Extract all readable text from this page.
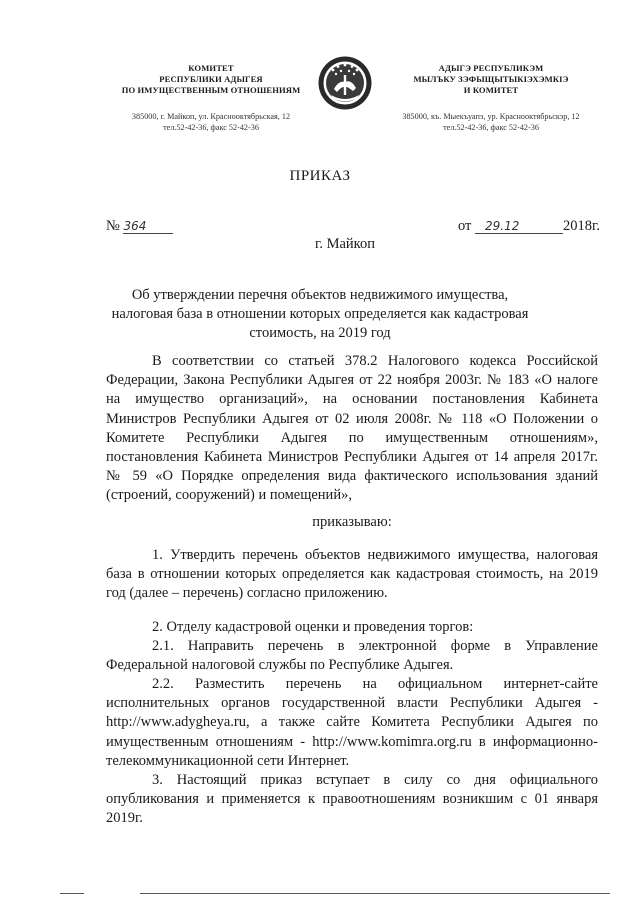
КОМИТЕТ
РЕСПУБЛИКИ АДЫГЕЯ
ПО ИМУЩЕСТВЕННЫМ ОТНОШЕНИЯМ
385000, г. Майкоп, ул. Краснооктябрьская, 12
тел.52-42-36, факс 52-42-36
АДЫГЭ РЕСПУБЛИКЭМ
МЫЛЪКУ ЗЭФЫЩЫТЫКІЭХЭМКІЭ
И КОМИТЕТ
385000, къ. Мыекъуапэ, ур. Краснооктябрьскэр, 12
тел.52-42-36, факс 52-42-36
ПРИКАЗ
№ 364	от 29.12	2018г.
г. Майкоп
Об утверждении перечня объектов недвижимого имущества, налоговая база в отношении которых определяется как кадастровая стоимость, на 2019 год
В соответствии со статьей 378.2 Налогового кодекса Российской Федерации, Закона Республики Адыгея от 22 ноября 2003г. № 183 «О налоге на имущество организаций», на основании постановления Кабинета Министров Республики Адыгея от 02 июля 2008г. № 118 «О Положении о Комитете Республики Адыгея по имущественным отношениям», постановления Кабинета Министров Республики Адыгея от 14 апреля 2017г. № 59 «О Порядке определения вида фактического использования зданий (строений, сооружений) и помещений»,
приказываю:
1. Утвердить перечень объектов недвижимого имущества, налоговая база в отношении которых определяется как кадастровая стоимость, на 2019 год (далее – перечень) согласно приложению.
2. Отделу кадастровой оценки и проведения торгов:
2.1. Направить перечень в электронной форме в Управление Федеральной налоговой службы по Республике Адыгея.
2.2. Разместить перечень на официальном интернет-сайте исполнительных органов государственной власти Республики Адыгея - http://www.adygheya.ru, а также сайте Комитета Республики Адыгея по имущественным отношениям - http://www.komimra.org.ru в информационно-телекоммуникационной сети Интернет.
3. Настоящий приказ вступает в силу со дня официального опубликования и применяется к правоотношениям возникшим с 01 января 2019г.
